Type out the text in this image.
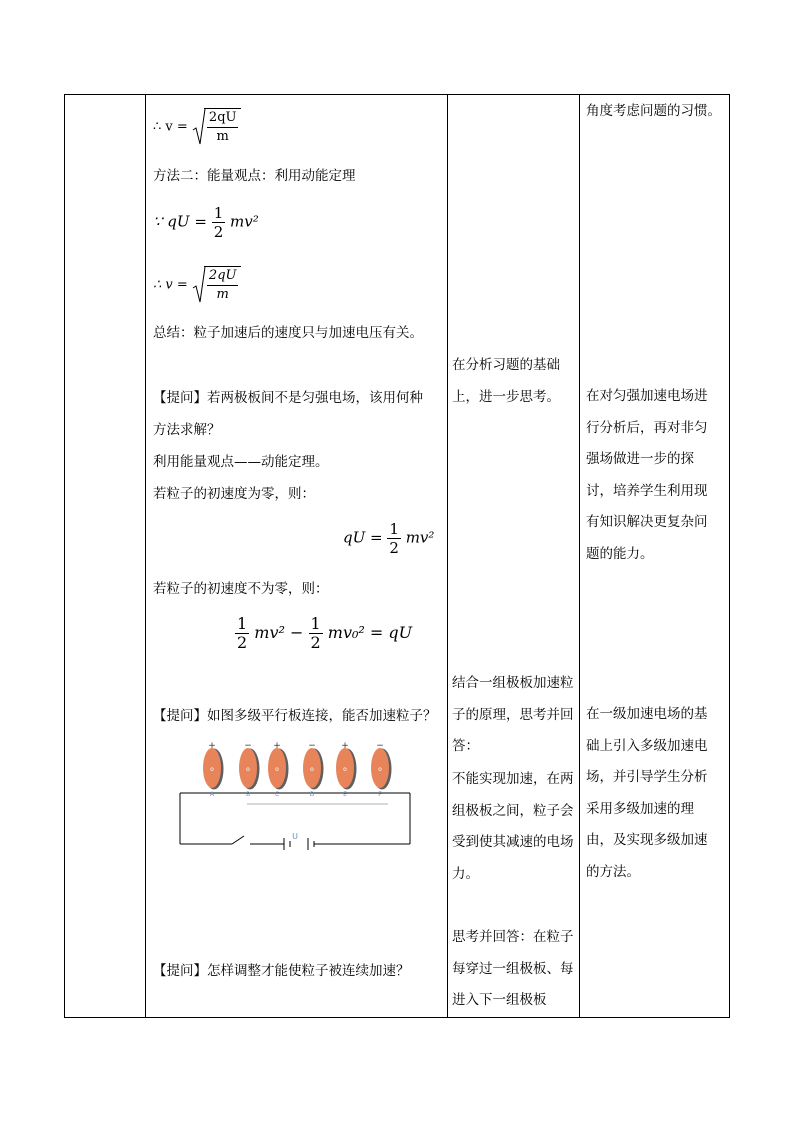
∴ $v = \frac{2qU}{m}$
方法二：能量观点：利用动能定理
∵ qU = $\frac{1}{2} mv^2$
∴ $v = \frac{2qU}{m}$
总结：粒子加速后的速度只与加速电压有关。
【提问】若两极板间不是匀强电场，该用何种
方法求解？
利用能量观点——动能定理。
若粒子的初速度为零，则：
qU = $\frac{1}{2} mv^2$
若粒子的初速度不为零，则：
$\frac{1}{2} mv^2 - \frac{1}{2} mv_0^2$ = qU
【提问】如图多级平行板连接，能否加速粒子？
U
+
o
A
−
o
B
+
o
C
−
o
D
+
o
E
−
o
F
【提问】怎样调整才能使粒子被连续加速？
在分析习题的基础上，进一步思考。
结合一组极板加速粒子的原理，思考并回答：
不能实现加速，在两组极板之间，粒子会受到使其减速的电场力。
思考并回答：在粒子每穿过一组极板、每进入下一组极板
角度考虑问题的习惯。
在对匀强加速电场进行分析后，再对非匀强场做进一步的探讨，培养学生利用现有知识解决更复杂问题的能力。
在一级加速电场的基础上引入多级加速电场，并引导学生分析采用多级加速的理由，及实现多级加速的方法。
